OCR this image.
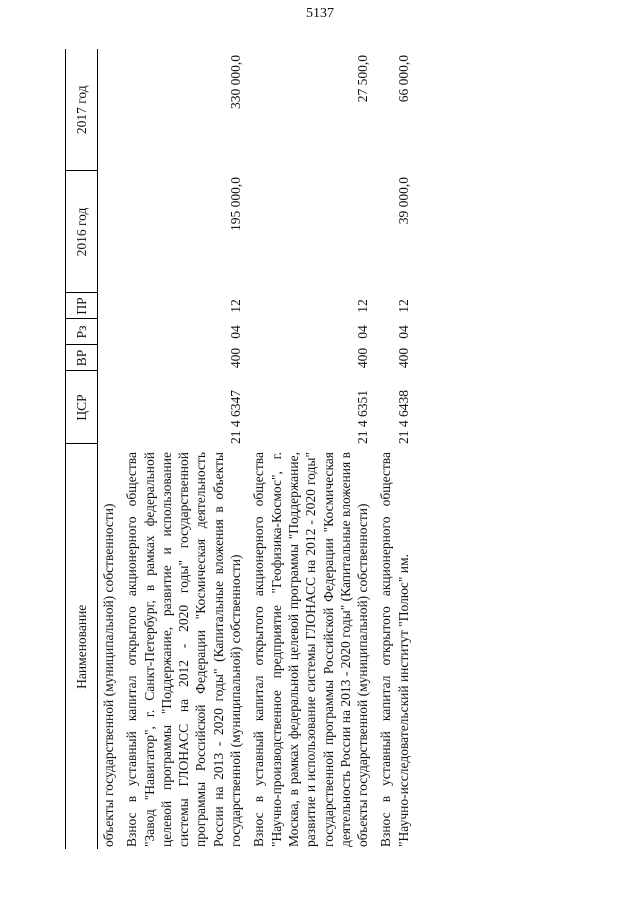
5137
Наименование	ЦСР	ВР	Рз	ПР	2016 год	2017 год
объекты государственной (муниципальной) собственности)						
Взнос в уставный капитал открытого акционерного общества "Завод "Навигатор", г. Санкт-Петербург, в рамках федеральной целевой программы "Поддержание, развитие и использование системы ГЛОНАСС на 2012 - 2020 годы" государственной программы Российской Федерации "Космическая деятельность России на 2013 - 2020 годы" (Капитальные вложения в объекты государственной (муниципальной) собственности)	21 4 6347	400	04	12	195 000,0	330 000,0
Взнос в уставный капитал открытого акционерного общества "Научно-производственное предприятие "Геофизика-Космос", г. Москва, в рамках федеральной целевой программы "Поддержание, развитие и использование системы ГЛОНАСС на 2012 - 2020 годы" государственной программы Российской Федерации "Космическая деятельность России на 2013 - 2020 годы" (Капитальные вложения в объекты государственной (муниципальной) собственности)	21 4 6351	400	04	12		27 500,0
Взнос в уставный капитал открытого акционерного общества "Научно-исследовательский институт "Полюс" им.	21 4 6438	400	04	12	39 000,0	66 000,0
